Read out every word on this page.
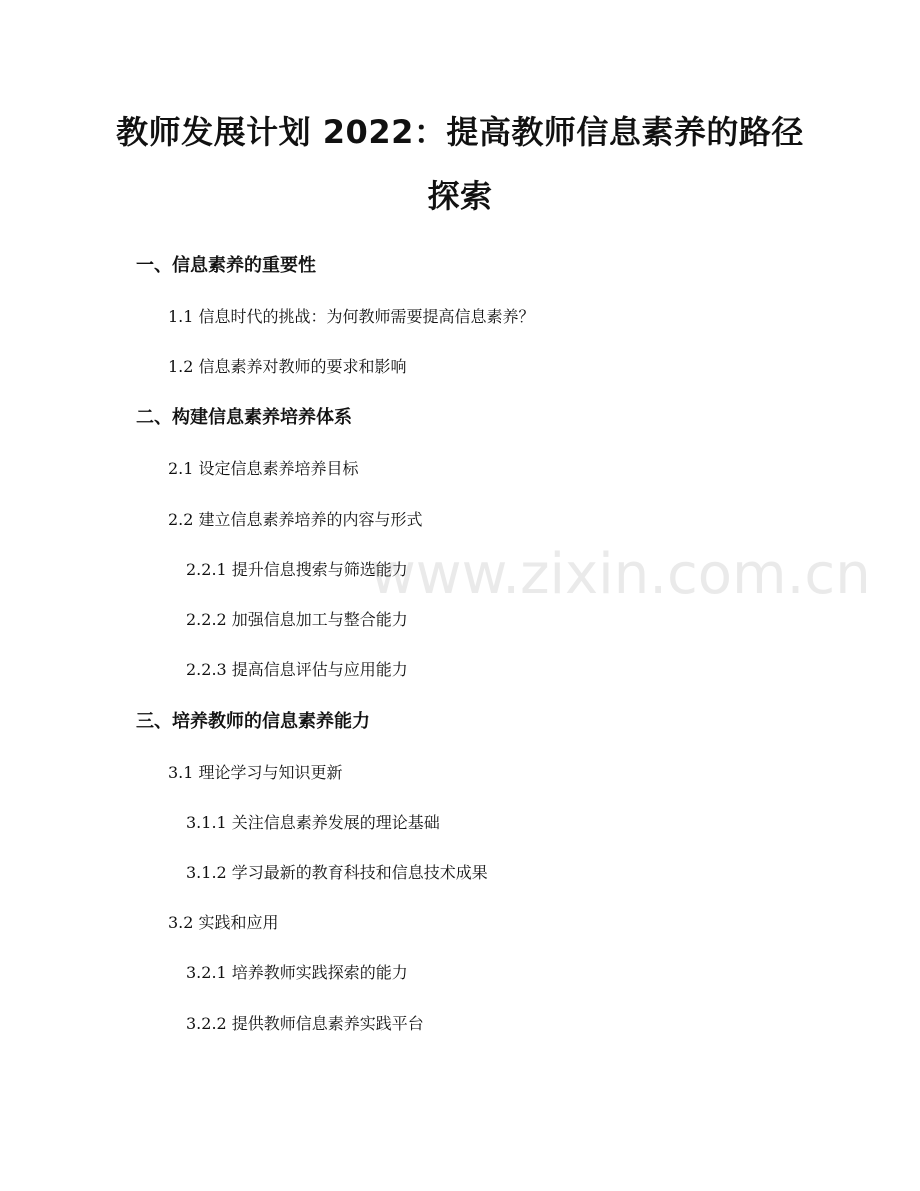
www.zixin.com.cn
教师发展计划 2022：提高教师信息素养的路径探索
一、信息素养的重要性
1.1 信息时代的挑战：为何教师需要提高信息素养？
1.2 信息素养对教师的要求和影响
二、构建信息素养培养体系
2.1 设定信息素养培养目标
2.2 建立信息素养培养的内容与形式
2.2.1 提升信息搜索与筛选能力
2.2.2 加强信息加工与整合能力
2.2.3 提高信息评估与应用能力
三、培养教师的信息素养能力
3.1 理论学习与知识更新
3.1.1 关注信息素养发展的理论基础
3.1.2 学习最新的教育科技和信息技术成果
3.2 实践和应用
3.2.1 培养教师实践探索的能力
3.2.2 提供教师信息素养实践平台
